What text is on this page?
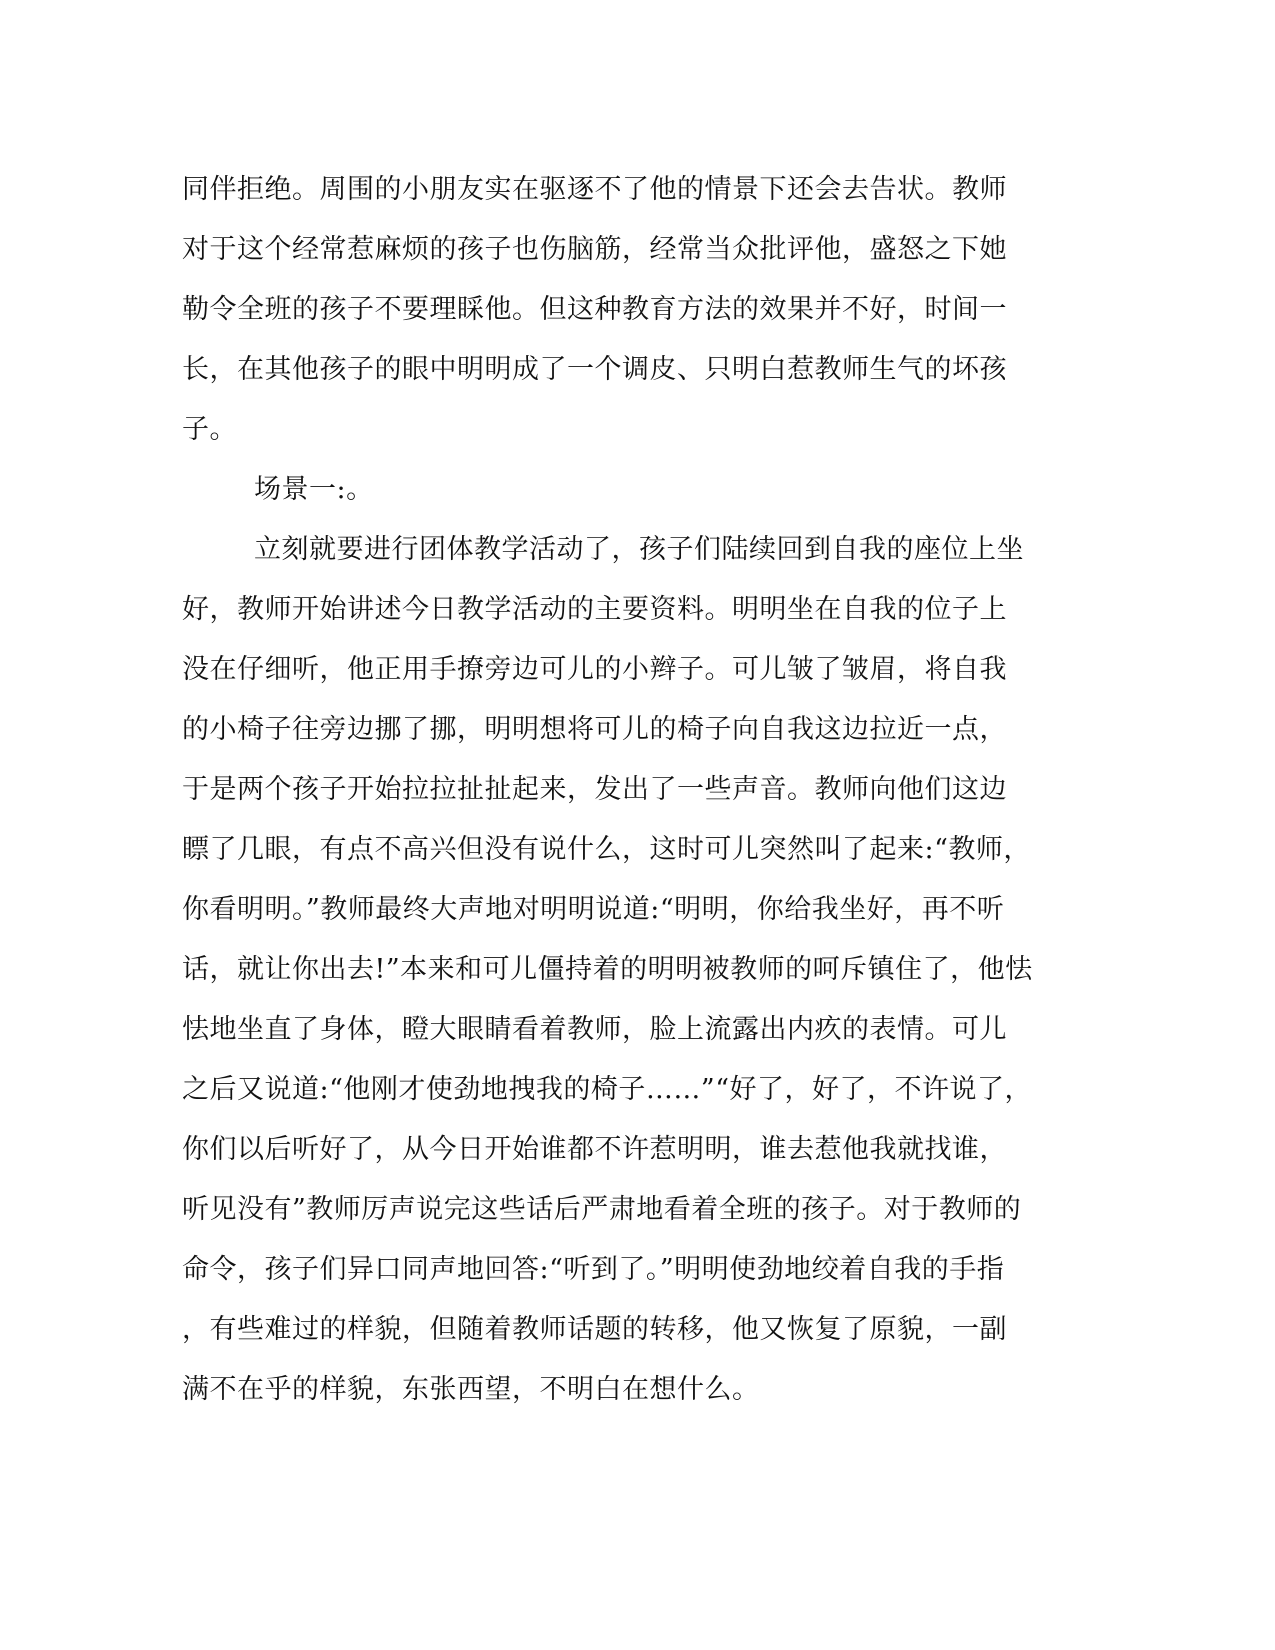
同伴拒绝。周围的小朋友实在驱逐不了他的情景下还会去告状。教师
对于这个经常惹麻烦的孩子也伤脑筋，经常当众批评他，盛怒之下她
勒令全班的孩子不要理睬他。但这种教育方法的效果并不好，时间一
长，在其他孩子的眼中明明成了一个调皮、只明白惹教师生气的坏孩
子。
场景一:。
立刻就要进行团体教学活动了，孩子们陆续回到自我的座位上坐
好，教师开始讲述今日教学活动的主要资料。明明坐在自我的位子上
没在仔细听，他正用手撩旁边可儿的小辫子。可儿皱了皱眉，将自我
的小椅子往旁边挪了挪，明明想将可儿的椅子向自我这边拉近一点，
于是两个孩子开始拉拉扯扯起来，发出了一些声音。教师向他们这边
瞟了几眼，有点不高兴但没有说什么，这时可儿突然叫了起来:“教师，
你看明明。”教师最终大声地对明明说道:“明明，你给我坐好，再不听
话，就让你出去!”本来和可儿僵持着的明明被教师的呵斥镇住了，他怯
怯地坐直了身体，瞪大眼睛看着教师，脸上流露出内疚的表情。可儿
之后又说道:“他刚才使劲地拽我的椅子……”“好了，好了，不许说了，
你们以后听好了，从今日开始谁都不许惹明明，谁去惹他我就找谁，
听见没有”教师厉声说完这些话后严肃地看着全班的孩子。对于教师的
命令，孩子们异口同声地回答:“听到了。”明明使劲地绞着自我的手指
，有些难过的样貌，但随着教师话题的转移，他又恢复了原貌，一副
满不在乎的样貌，东张西望，不明白在想什么。
